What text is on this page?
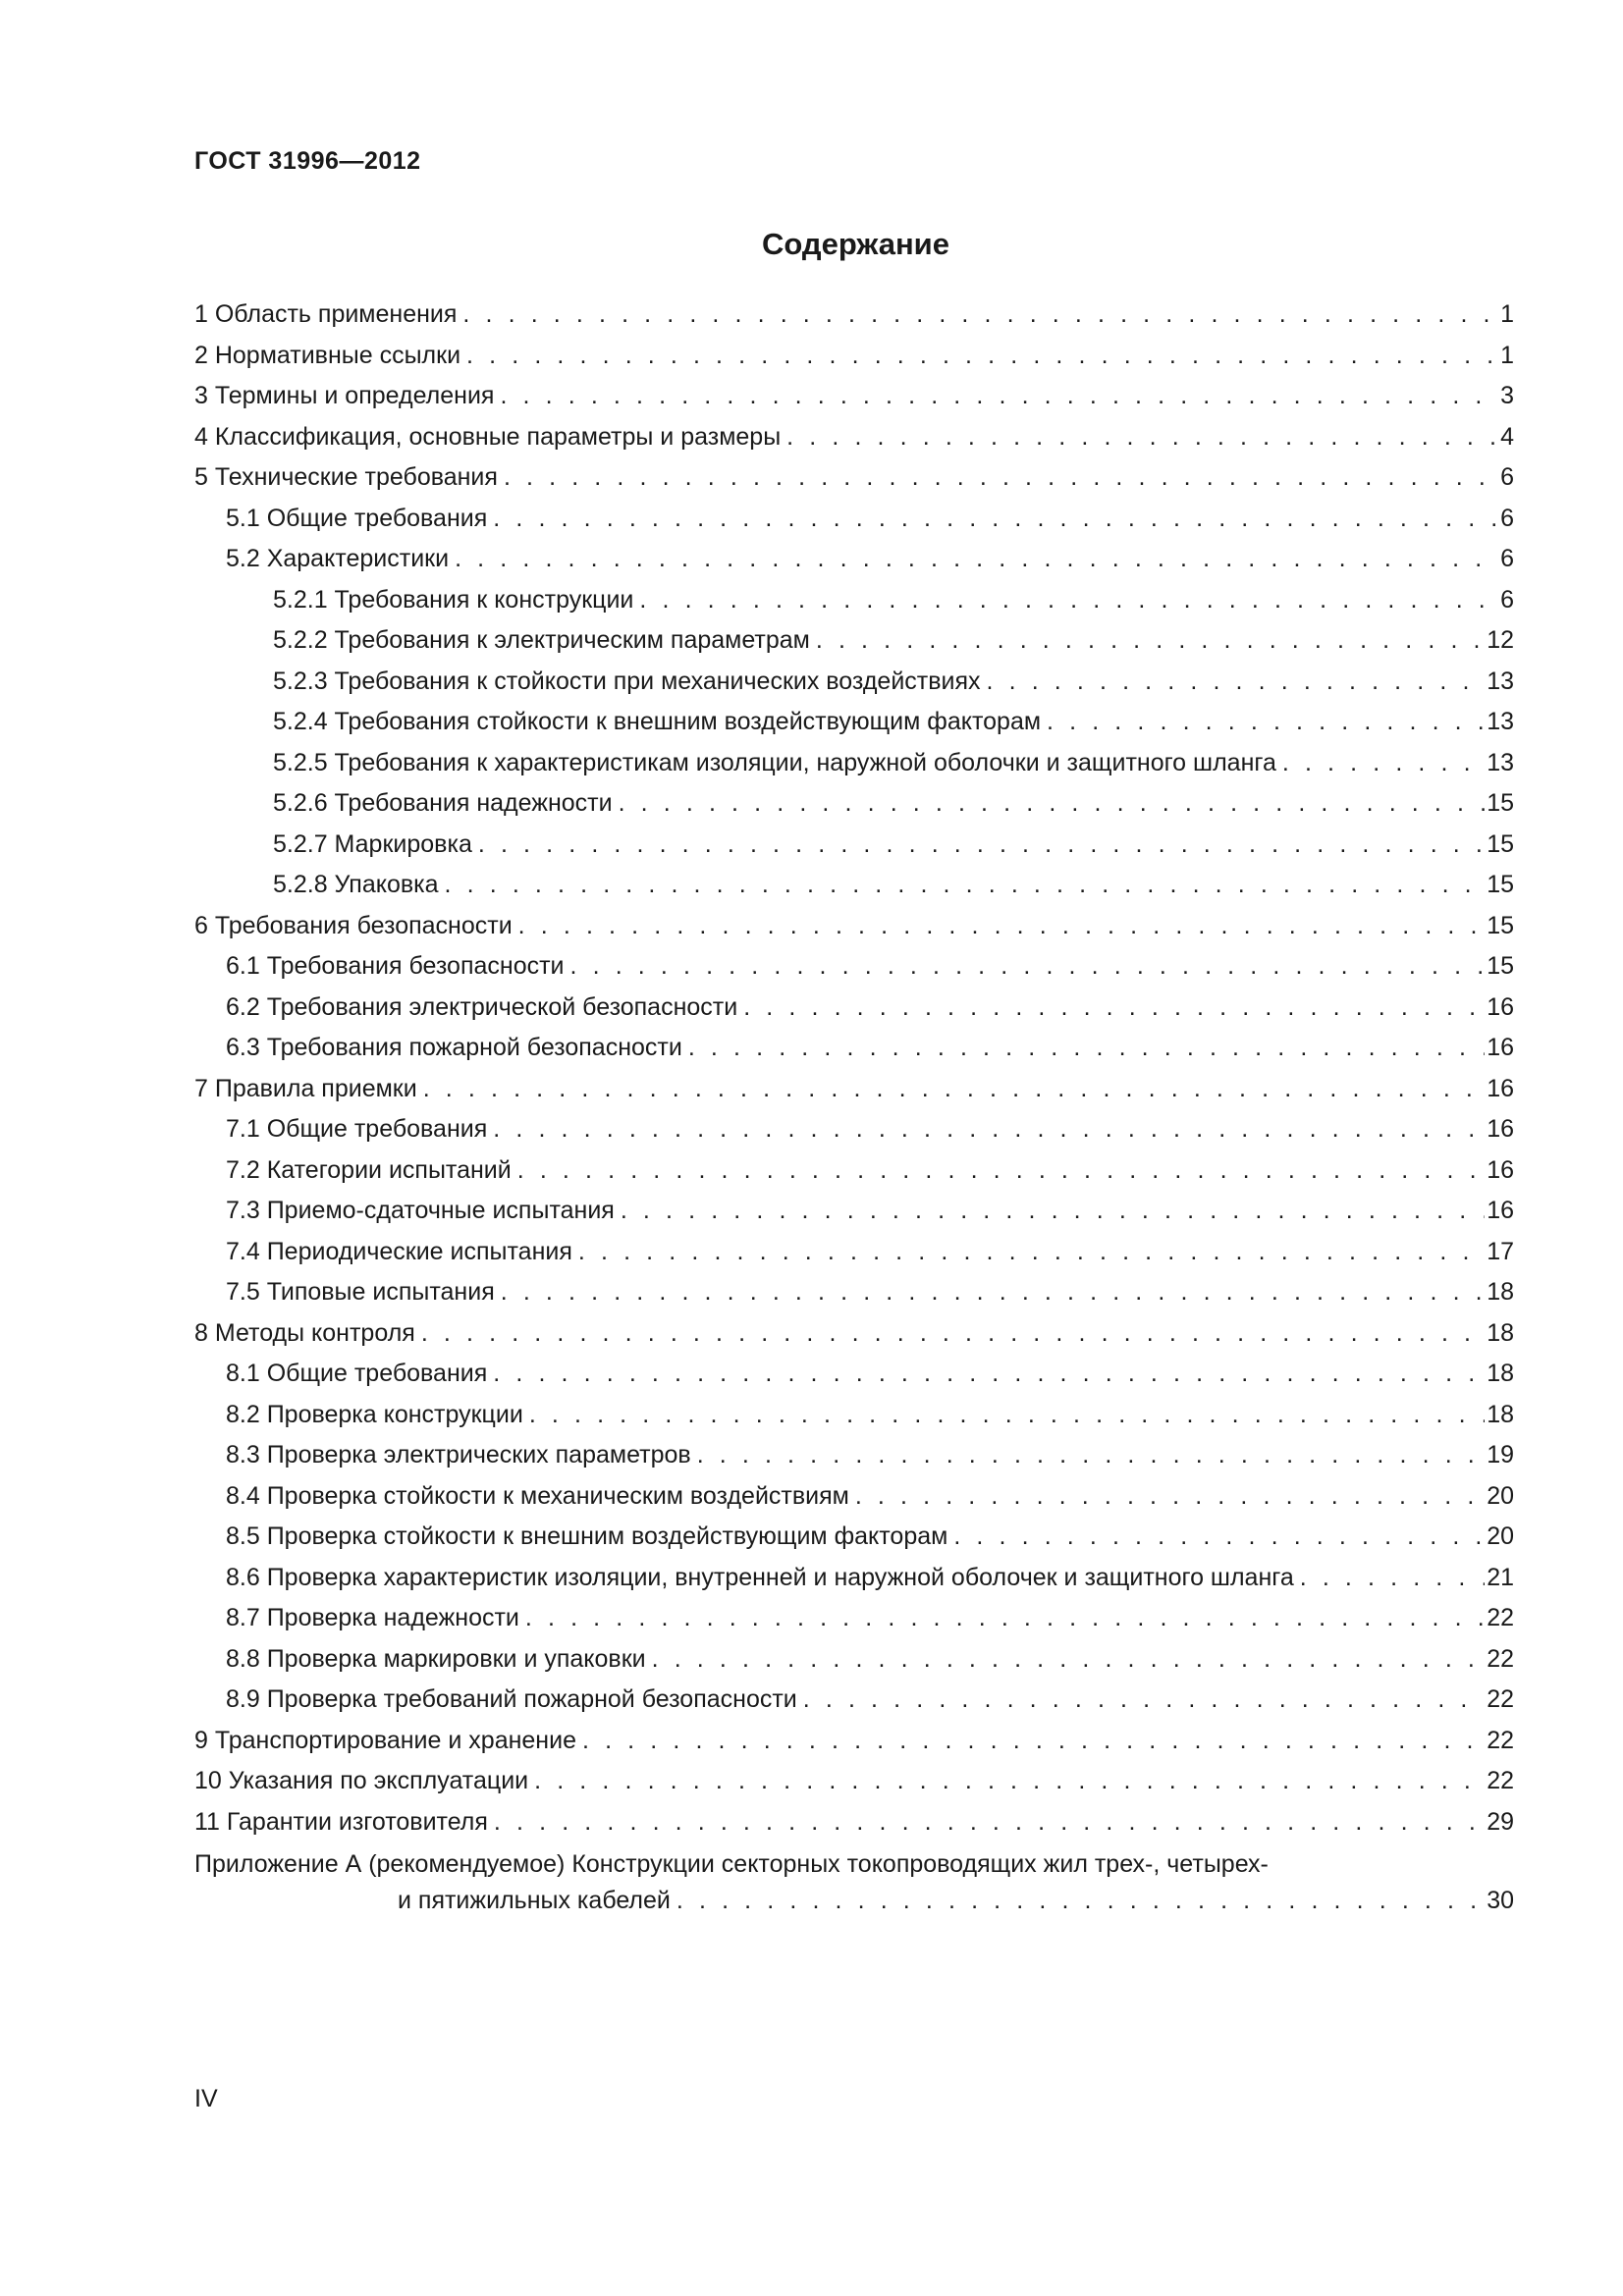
ГОСТ 31996—2012
Содержание
1 Область применения . . .	1
2 Нормативные ссылки . . .	1
3 Термины и определения . . .	3
4 Классификация, основные параметры и размеры . . .	4
5 Технические требования . . .	6
5.1 Общие требования . . .	6
5.2 Характеристики . . .	6
5.2.1 Требования к конструкции . . .	6
5.2.2 Требования к электрическим параметрам . . .	12
5.2.3 Требования к стойкости при механических воздействиях . . .	13
5.2.4 Требования стойкости к внешним воздействующим факторам . . .	13
5.2.5 Требования к характеристикам изоляции, наружной оболочки и защитного шланга . . .	13
5.2.6 Требования надежности . . .	15
5.2.7 Маркировка . . .	15
5.2.8 Упаковка . . .	15
6 Требования безопасности . . .	15
6.1 Требования безопасности . . .	15
6.2 Требования электрической безопасности . . .	16
6.3 Требования пожарной безопасности . . .	16
7 Правила приемки . . .	16
7.1 Общие требования . . .	16
7.2 Категории испытаний . . .	16
7.3 Приемо-сдаточные испытания . . .	16
7.4 Периодические испытания . . .	17
7.5 Типовые испытания . . .	18
8 Методы контроля . . .	18
8.1 Общие требования . . .	18
8.2 Проверка конструкции . . .	18
8.3 Проверка электрических параметров . . .	19
8.4 Проверка стойкости к механическим воздействиям . . .	20
8.5 Проверка стойкости к внешним воздействующим факторам . . .	20
8.6 Проверка характеристик изоляции, внутренней и наружной оболочек и защитного шланга . . .	21
8.7 Проверка надежности . . .	22
8.8 Проверка маркировки и упаковки . . .	22
8.9 Проверка требований пожарной безопасности . . .	22
9 Транспортирование и хранение . . .	22
10 Указания по эксплуатации . . .	22
11 Гарантии изготовителя . . .	29
Приложение А (рекомендуемое) Конструкции секторных токопроводящих жил трех-, четырех-
и пятижильных кабелей . . .	30
IV
